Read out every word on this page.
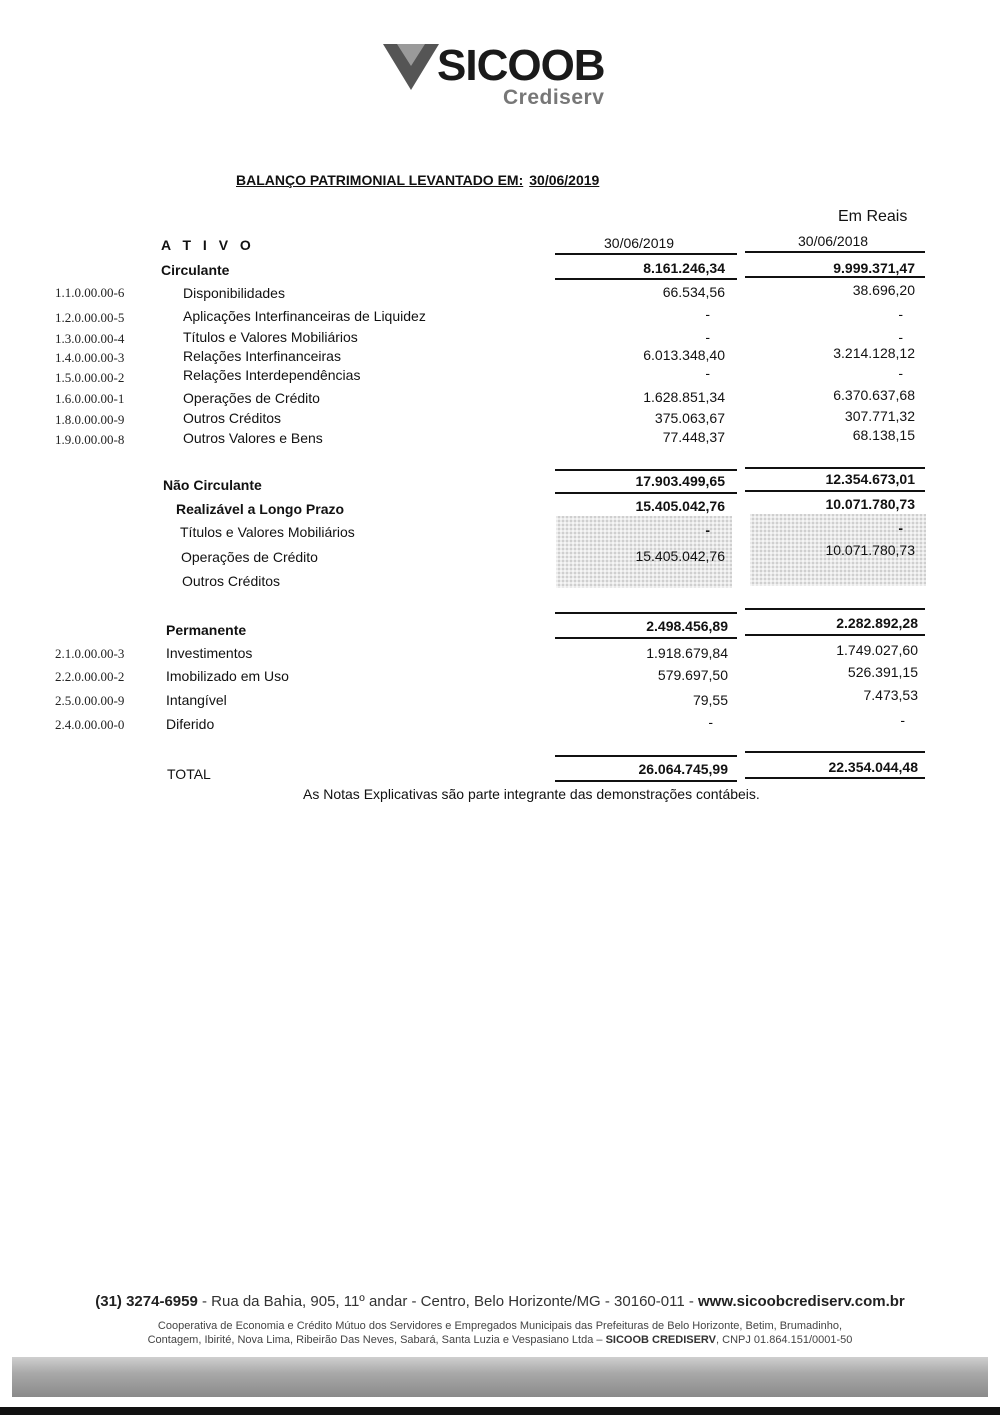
SICOOB
Crediserv
BALANÇO PATRIMONIAL LEVANTADO EM: 30/06/2019
Em Reais
A T I V O	30/06/2019	30/06/2018
Circulante	8.161.246,34	9.999.371,47
1.1.0.00.00-6	Disponibilidades	66.534,56	38.696,20
1.2.0.00.00-5	Aplicações Interfinanceiras de Liquidez	-	-
1.3.0.00.00-4	Títulos e Valores Mobiliários	-	-
1.4.0.00.00-3	Relações Interfinanceiras	6.013.348,40	3.214.128,12
1.5.0.00.00-2	Relações Interdependências	-	-
1.6.0.00.00-1	Operações de Crédito	1.628.851,34	6.370.637,68
1.8.0.00.00-9	Outros Créditos	375.063,67	307.771,32
1.9.0.00.00-8	Outros Valores e Bens	77.448,37	68.138,15
Não Circulante	17.903.499,65	12.354.673,01
Realizável a Longo Prazo	15.405.042,76	10.071.780,73
Títulos e Valores Mobiliários	-	-
Operações de Crédito	15.405.042,76	10.071.780,73
Outros Créditos
Permanente	2.498.456,89	2.282.892,28
2.1.0.00.00-3	Investimentos	1.918.679,84	1.749.027,60
2.2.0.00.00-2	Imobilizado em Uso	579.697,50	526.391,15
2.5.0.00.00-9	Intangível	79,55	7.473,53
2.4.0.00.00-0	Diferido	-	-
TOTAL	26.064.745,99	22.354.044,48
As Notas Explicativas são parte integrante das demonstrações contábeis.
(31) 3274-6959 - Rua da Bahia, 905, 11º andar - Centro, Belo Horizonte/MG - 30160-011 - www.sicoobcrediserv.com.br
Cooperativa de Economia e Crédito Mútuo dos Servidores e Empregados Municipais das Prefeituras de Belo Horizonte, Betim, Brumadinho,
Contagem, Ibirité, Nova Lima, Ribeirão Das Neves, Sabará, Santa Luzia e Vespasiano Ltda – SICOOB CREDISERV, CNPJ 01.864.151/0001-50
